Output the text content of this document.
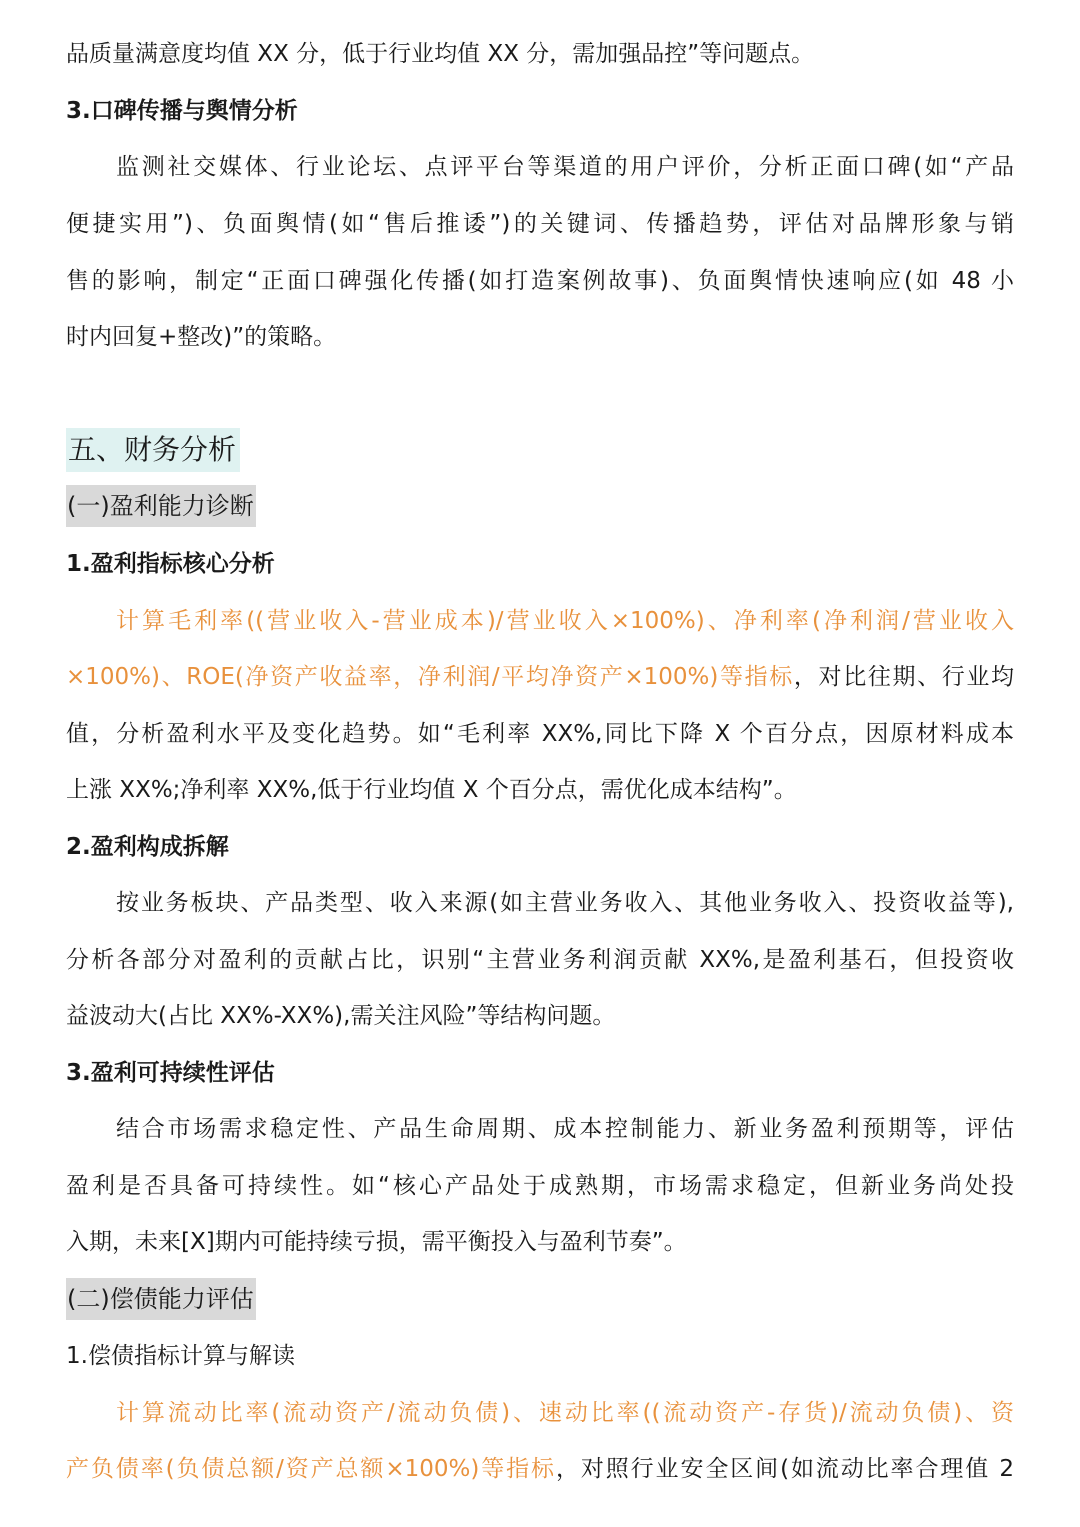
品质量满意度均值 XX 分，低于行业均值 XX 分，需加强品控”等问题点。
3.口碑传播与舆情分析
监测社交媒体、行业论坛、点评平台等渠道的用户评价，分析正面口碑(如“产品
便捷实用”)、负面舆情(如“售后推诿”)的关键词、传播趋势，评估对品牌形象与销
售的影响，制定“正面口碑强化传播(如打造案例故事)、负面舆情快速响应(如 48 小
时内回复+整改)”的策略。
五、财务分析
(一)盈利能力诊断
1.盈利指标核心分析
计算毛利率((营业收入-营业成本)/营业收入×100%)、净利率(净利润/营业收入
×100%)、ROE(净资产收益率，净利润/平均净资产×100%)等指标，对比往期、行业均
值，分析盈利水平及变化趋势。如“毛利率 XX%,同比下降 X 个百分点，因原材料成本
上涨 XX%;净利率 XX%,低于行业均值 X 个百分点，需优化成本结构”。
2.盈利构成拆解
按业务板块、产品类型、收入来源(如主营业务收入、其他业务收入、投资收益等),
分析各部分对盈利的贡献占比，识别“主营业务利润贡献 XX%,是盈利基石，但投资收
益波动大(占比 XX%-XX%),需关注风险”等结构问题。
3.盈利可持续性评估
结合市场需求稳定性、产品生命周期、成本控制能力、新业务盈利预期等，评估
盈利是否具备可持续性。如“核心产品处于成熟期，市场需求稳定，但新业务尚处投
入期，未来[X]期内可能持续亏损，需平衡投入与盈利节奏”。
(二)偿债能力评估
1.偿债指标计算与解读
计算流动比率(流动资产/流动负债)、速动比率((流动资产-存货)/流动负债)、资
产负债率(负债总额/资产总额×100%)等指标，对照行业安全区间(如流动比率合理值 2
